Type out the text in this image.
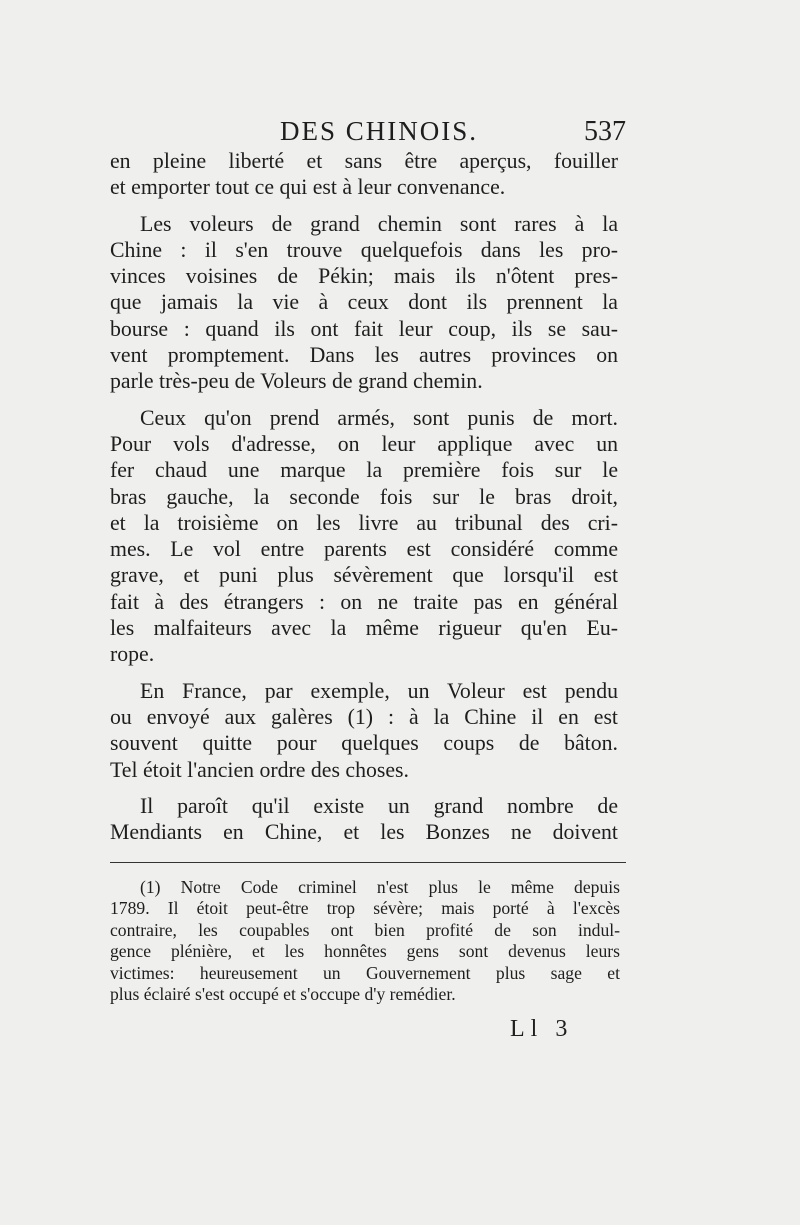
DES CHINOIS.	537
en pleine liberté et sans être aperçus, fouiller
et emporter tout ce qui est à leur convenance.
Les voleurs de grand chemin sont rares à la
Chine : il s'en trouve quelquefois dans les pro-
vinces voisines de Pékin; mais ils n'ôtent pres-
que jamais la vie à ceux dont ils prennent la
bourse : quand ils ont fait leur coup, ils se sau-
vent promptement. Dans les autres provinces on
parle très-peu de Voleurs de grand chemin.
Ceux qu'on prend armés, sont punis de mort.
Pour vols d'adresse, on leur applique avec un
fer chaud une marque la première fois sur le
bras gauche, la seconde fois sur le bras droit,
et la troisième on les livre au tribunal des cri-
mes. Le vol entre parents est considéré comme
grave, et puni plus sévèrement que lorsqu'il est
fait à des étrangers : on ne traite pas en général
les malfaiteurs avec la même rigueur qu'en Eu-
rope.
En France, par exemple, un Voleur est pendu
ou envoyé aux galères (1) : à la Chine il en est
souvent quitte pour quelques coups de bâton.
Tel étoit l'ancien ordre des choses.
Il paroît qu'il existe un grand nombre de
Mendiants en Chine, et les Bonzes ne doivent
(1) Notre Code criminel n'est plus le même depuis
1789. Il étoit peut-être trop sévère; mais porté à l'excès
contraire, les coupables ont bien profité de son indul-
gence plénière, et les honnêtes gens sont devenus leurs
victimes: heureusement un Gouvernement plus sage et
plus éclairé s'est occupé et s'occupe d'y remédier.
Ll 3
